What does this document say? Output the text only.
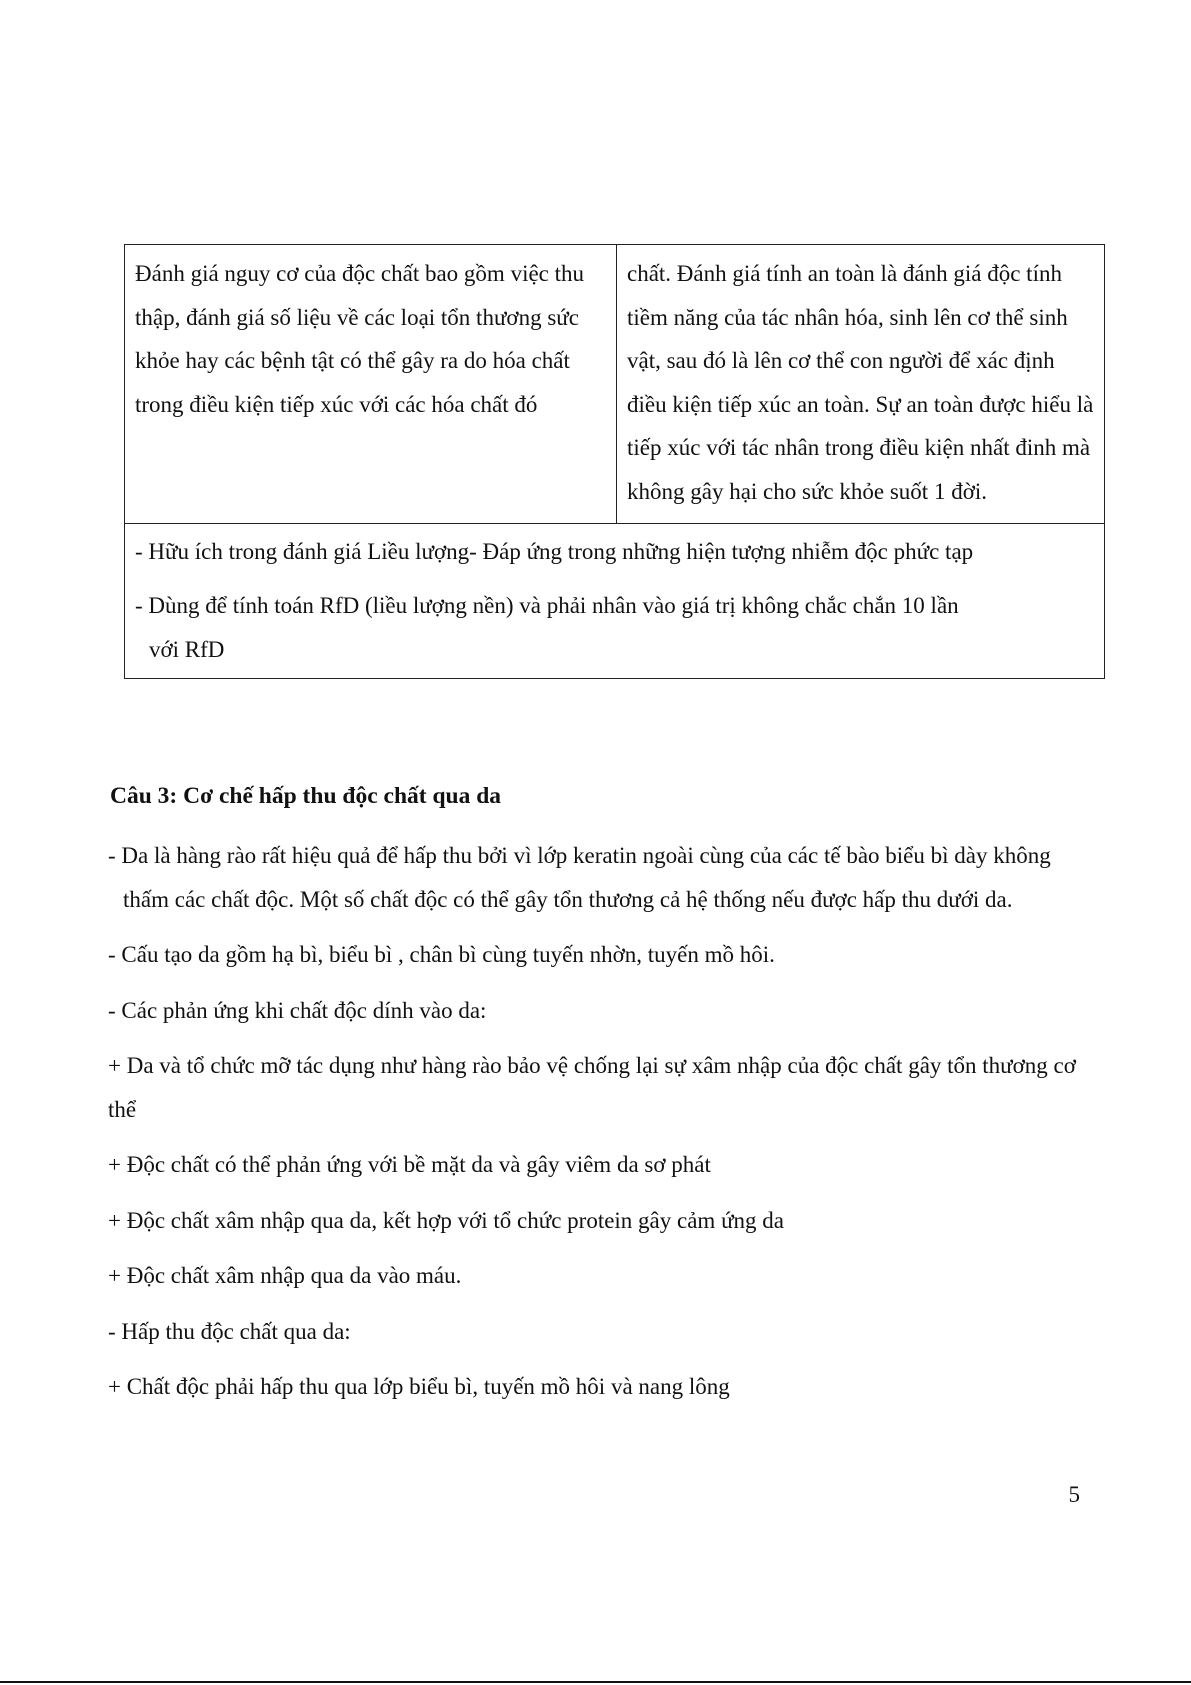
Đánh giá nguy cơ của độc chất bao gồm việc thu thập, đánh giá số liệu về các loại tổn thương sức khỏe hay các bệnh tật có thể gây ra do hóa chất trong điều kiện tiếp xúc với các hóa chất đó	chất. Đánh giá tính an toàn là đánh giá độc tính tiềm năng của tác nhân hóa, sinh lên cơ thể sinh vật, sau đó là lên cơ thể con người để xác định điều kiện tiếp xúc an toàn. Sự an toàn được hiểu là tiếp xúc với tác nhân trong điều kiện nhất đinh mà không gây hại cho sức khỏe suốt 1 đời.

- Hữu ích trong đánh giá Liều lượng- Đáp ứng trong những hiện tượng nhiễm độc phức tạp
- Dùng để tính toán RfD (liều lượng nền) và phải nhân vào giá trị không chắc chắn 10 lần
với RfD
Câu 3: Cơ chế hấp thu độc chất qua da
- Da là hàng rào rất hiệu quả để hấp thu bởi vì lớp keratin ngoài cùng của các tế bào biểu bì dày không thấm các chất độc. Một số chất độc có thể gây tổn thương cả hệ thống nếu được hấp thu dưới da.
- Cấu tạo da gồm hạ bì, biểu bì , chân bì cùng tuyến nhờn, tuyến mồ hôi.
- Các phản ứng khi chất độc dính vào da:
+ Da và tổ chức mỡ tác dụng như hàng rào bảo vệ chống lại sự xâm nhập của độc chất gây tổn thương cơ thể
+ Độc chất có thể phản ứng với bề mặt da và gây viêm da sơ phát
+ Độc chất xâm nhập qua da, kết hợp với tổ chức protein gây cảm ứng da
+ Độc chất xâm nhập qua da vào máu.
- Hấp thu độc chất qua da:
+ Chất độc phải hấp thu qua lớp biểu bì, tuyến mồ hôi và nang lông
5
